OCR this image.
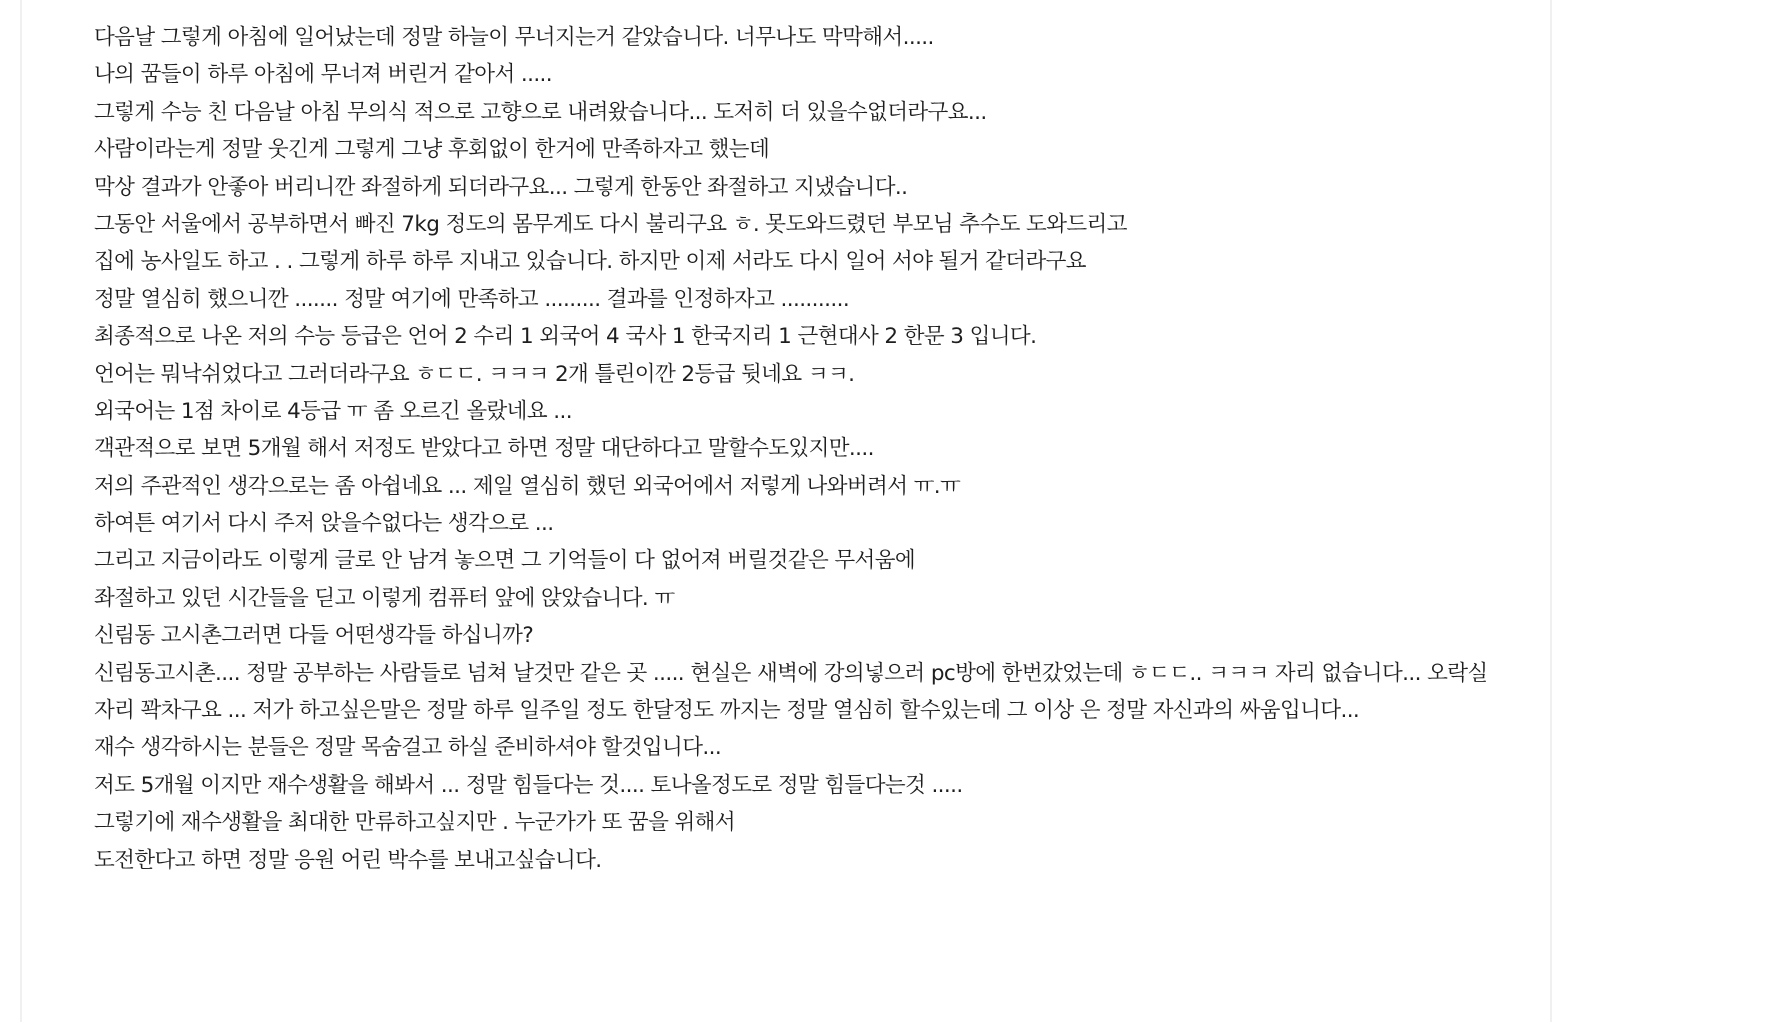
다음날 그렇게 아침에 일어났는데 정말 하늘이 무너지는거 같았습니다. 너무나도 막막해서.....
나의 꿈들이 하루 아침에 무너져 버린거 같아서 .....
그렇게 수능 친 다음날 아침 무의식 적으로 고향으로 내려왔습니다... 도저히 더 있을수없더라구요...
사람이라는게 정말 웃긴게 그렇게 그냥 후회없이 한거에 만족하자고 했는데
막상 결과가 안좋아 버리니깐 좌절하게 되더라구요... 그렇게 한동안 좌절하고 지냈습니다..
그동안 서울에서 공부하면서 빠진 7kg 정도의 몸무게도 다시 불리구요 ㅎ. 못도와드렸던 부모님 추수도 도와드리고
집에 농사일도 하고 . . 그렇게 하루 하루 지내고 있습니다. 하지만 이제 서라도 다시 일어 서야 될거 같더라구요
정말 열심히 했으니깐 ....... 정말 여기에 만족하고 ......... 결과를 인정하자고 ...........
최종적으로 나온 저의 수능 등급은 언어 2 수리 1 외국어 4 국사 1 한국지리 1 근현대사 2 한문 3 입니다.
언어는 뭐낙쉬었다고 그러더라구요 ㅎㄷㄷ. ㅋㅋㅋ 2개 틀린이깐 2등급 뒷네요 ㅋㅋ.
외국어는 1점 차이로 4등급 ㅠ 좀 오르긴 올랐네요 ...
객관적으로 보면 5개월 해서 저정도 받았다고 하면 정말 대단하다고 말할수도있지만....
저의 주관적인 생각으로는 좀 아쉽네요 ... 제일 열심히 했던 외국어에서 저렇게 나와버려서 ㅠ.ㅠ
하여튼 여기서 다시 주저 앉을수없다는 생각으로 ...
그리고 지금이라도 이렇게 글로 안 남겨 놓으면 그 기억들이 다 없어져 버릴것같은 무서움에
좌절하고 있던 시간들을 딛고 이렇게 컴퓨터 앞에 앉았습니다. ㅠ
신림동 고시촌그러면 다들 어떤생각들 하십니까?
신림동고시촌.... 정말 공부하는 사람들로 넘쳐 날것만 같은 곳 ..... 현실은 새벽에 강의넣으러 pc방에 한번갔었는데 ㅎㄷㄷ.. ㅋㅋㅋ 자리 없습니다... 오락실
자리 꽉차구요 ... 저가 하고싶은말은 정말 하루 일주일 정도 한달정도 까지는 정말 열심히 할수있는데 그 이상 은 정말 자신과의 싸움입니다...
재수 생각하시는 분들은 정말 목숨걸고 하실 준비하셔야 할것입니다...
저도 5개월 이지만 재수생활을 해봐서 ... 정말 힘들다는 것.... 토나올정도로 정말 힘들다는것 .....
그렇기에 재수생활을 최대한 만류하고싶지만 . 누군가가 또 꿈을 위해서
도전한다고 하면 정말 응원 어린 박수를 보내고싶습니다.
